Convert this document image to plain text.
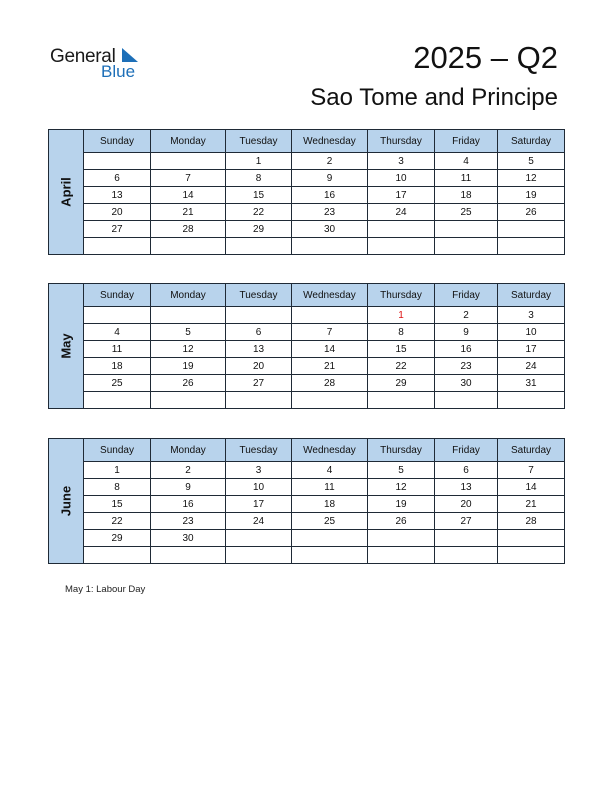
General
Blue	2025 – Q2
Sao Tome and Principe
April	Sunday	Monday	Tuesday	Wednesday	Thursday	Friday	Saturday
			1	2	3	4	5
	6	7	8	9	10	11	12
	13	14	15	16	17	18	19
	20	21	22	23	24	25	26
	27	28	29	30			

May	Sunday	Monday	Tuesday	Wednesday	Thursday	Friday	Saturday
					1	2	3
	4	5	6	7	8	9	10
	11	12	13	14	15	16	17
	18	19	20	21	22	23	24
	25	26	27	28	29	30	31

June	Sunday	Monday	Tuesday	Wednesday	Thursday	Friday	Saturday
	1	2	3	4	5	6	7
	8	9	10	11	12	13	14
	15	16	17	18	19	20	21
	22	23	24	25	26	27	28
	29	30					

May 1: Labour Day
